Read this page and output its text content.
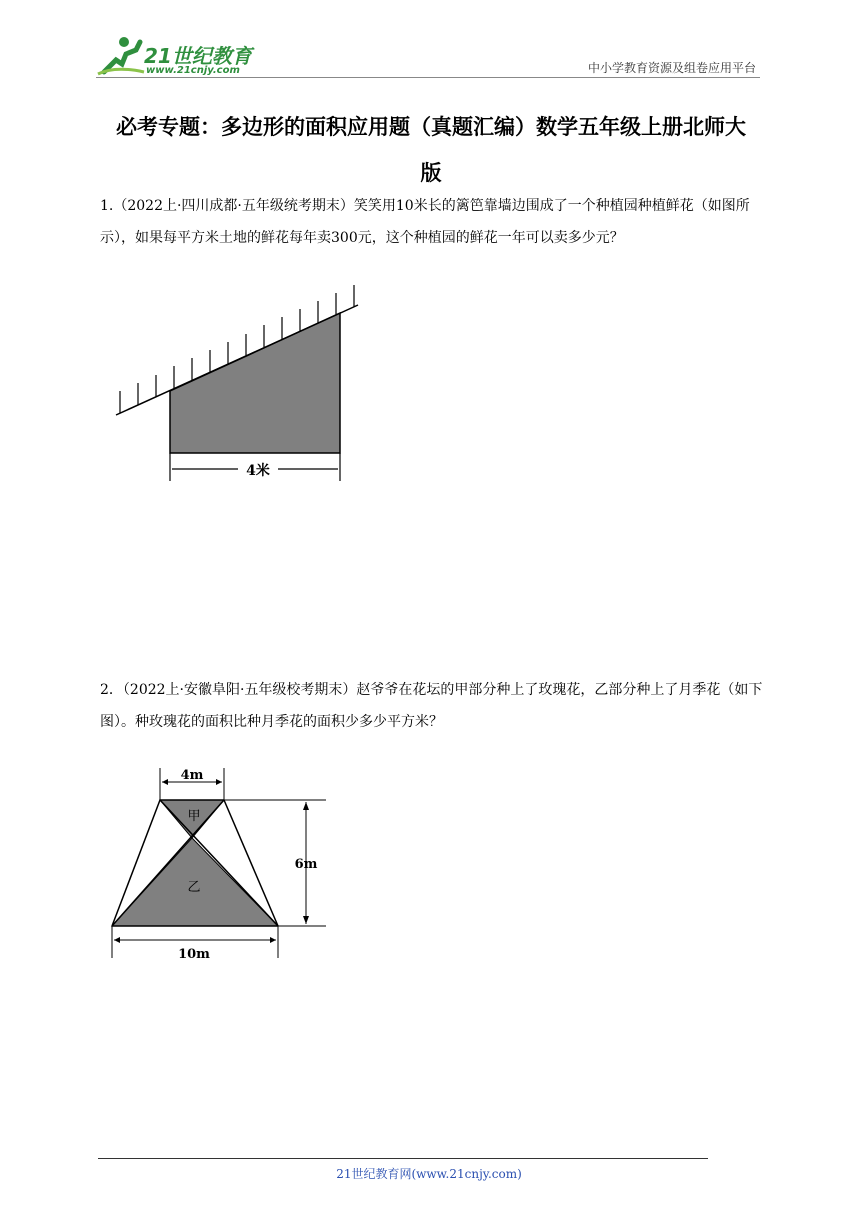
21世纪教育
www.21cnjy.com	中小学教育资源及组卷应用平台
必考专题：多边形的面积应用题（真题汇编）数学五年级上册北师大
版
1.（2022上·四川成都·五年级统考期末）笑笑用10米长的篱笆靠墙边围成了一个种植园种植鲜花（如图所示），如果每平方米土地的鲜花每年卖300元，这个种植园的鲜花一年可以卖多少元？
4米
2．（2022上·安徽阜阳·五年级校考期末）赵爷爷在花坛的甲部分种上了玫瑰花，乙部分种上了月季花（如下图）。种玫瑰花的面积比种月季花的面积少多少平方米？
4m
6m
10m
甲
乙
21世纪教育网(www.21cnjy.com)
